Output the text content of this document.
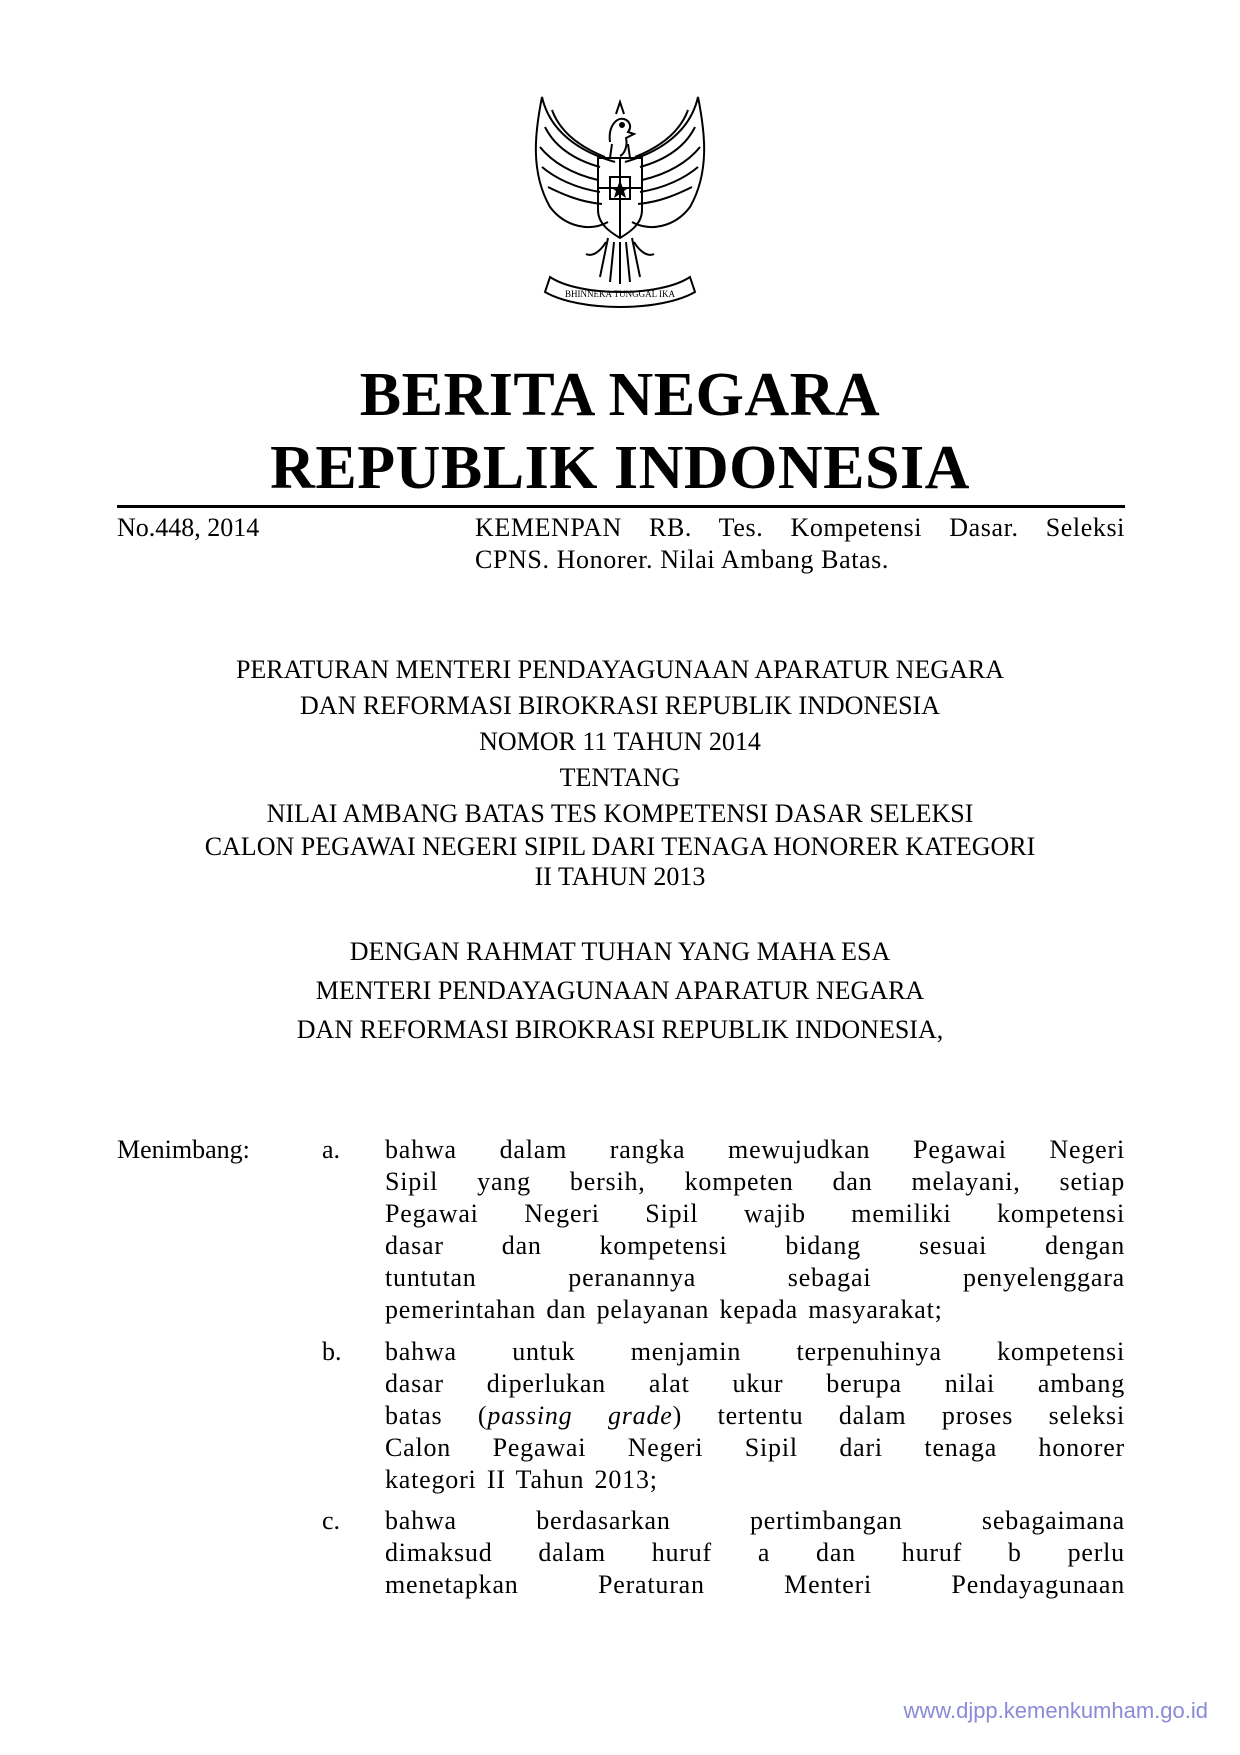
BHINNEKA TUNGGAL IKA
BERITA NEGARA
REPUBLIK INDONESIA
No.448, 2014	KEMENPAN RB. Tes. Kompetensi Dasar. Seleksi
CPNS. Honorer. Nilai Ambang Batas.
PERATURAN MENTERI PENDAYAGUNAAN APARATUR NEGARA
DAN REFORMASI BIROKRASI REPUBLIK INDONESIA
NOMOR 11 TAHUN 2014
TENTANG
NILAI AMBANG BATAS TES KOMPETENSI DASAR SELEKSI
CALON PEGAWAI NEGERI SIPIL DARI TENAGA HONORER KATEGORI
II TAHUN 2013
DENGAN RAHMAT TUHAN YANG MAHA ESA
MENTERI PENDAYAGUNAAN APARATUR NEGARA
DAN REFORMASI BIROKRASI REPUBLIK INDONESIA,
Menimbang:	a.	bahwa dalam rangka mewujudkan Pegawai Negeri
Sipil yang bersih, kompeten dan melayani, setiap
Pegawai Negeri Sipil wajib memiliki kompetensi
dasar dan kompetensi bidang sesuai dengan
tuntutan peranannya sebagai penyelenggara
pemerintahan dan pelayanan kepada masyarakat;
b.	bahwa untuk menjamin terpenuhinya kompetensi
dasar diperlukan alat ukur berupa nilai ambang
batas (passing grade) tertentu dalam proses seleksi
Calon Pegawai Negeri Sipil dari tenaga honorer
kategori II Tahun 2013;
c.	bahwa berdasarkan pertimbangan sebagaimana
dimaksud dalam huruf a dan huruf b perlu
menetapkan Peraturan Menteri Pendayagunaan
www.djpp.kemenkumham.go.id
